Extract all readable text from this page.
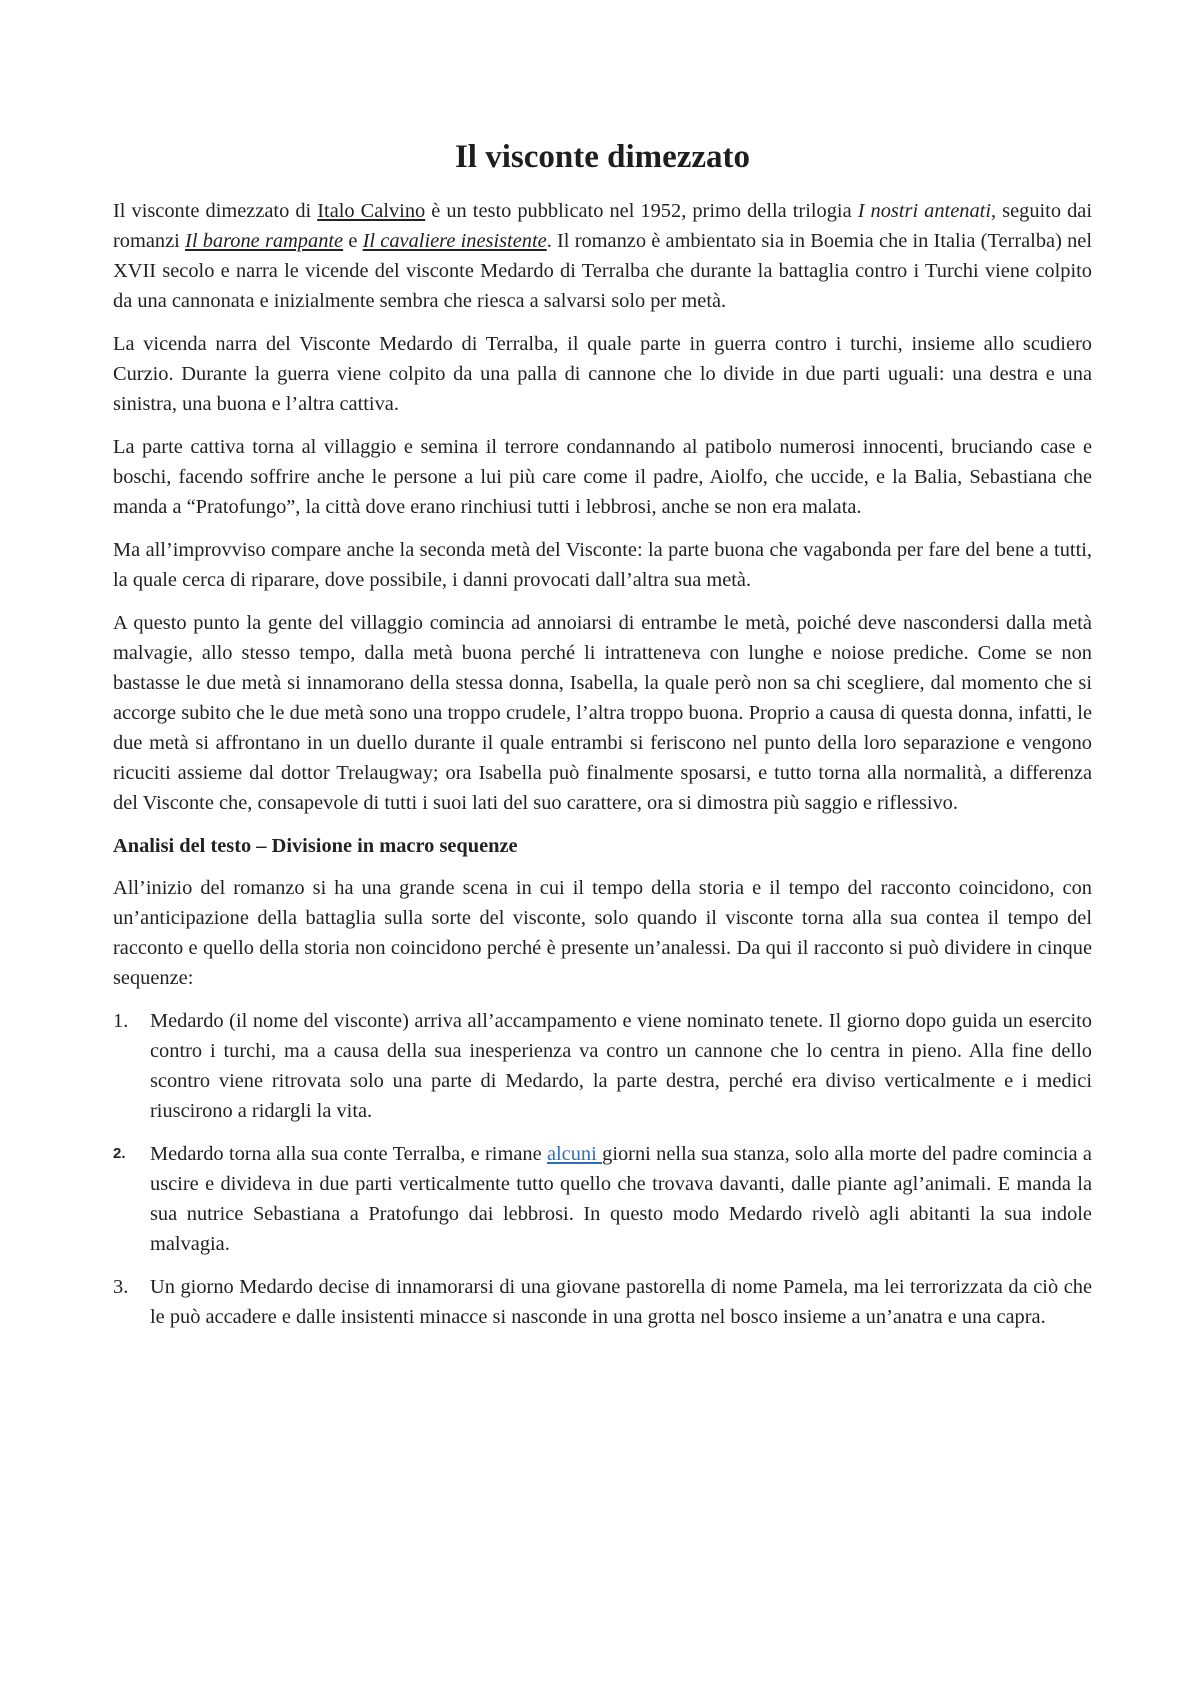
Il visconte dimezzato

Il visconte dimezzato di Italo Calvino è un testo pubblicato nel 1952, primo della trilogia I nostri antenati, seguito dai romanzi Il barone rampante e Il cavaliere inesistente. Il romanzo è ambientato sia in Boemia che in Italia (Terralba) nel XVII secolo e narra le vicende del visconte Medardo di Terralba che durante la battaglia contro i Turchi viene colpito da una cannonata e inizialmente sembra che riesca a salvarsi solo per metà.

La vicenda narra del Visconte Medardo di Terralba, il quale parte in guerra contro i turchi, insieme allo scudiero Curzio. Durante la guerra viene colpito da una palla di cannone che lo divide in due parti uguali: una destra e una sinistra, una buona e l’altra cattiva.

La parte cattiva torna al villaggio e semina il terrore condannando al patibolo numerosi innocenti, bruciando case e boschi, facendo soffrire anche le persone a lui più care come il padre, Aiolfo, che uccide, e la Balia, Sebastiana che manda a “Pratofungo”, la città dove erano rinchiusi tutti i lebbrosi, anche se non era malata.

Ma all’improvviso compare anche la seconda metà del Visconte: la parte buona che vagabonda per fare del bene a tutti, la quale cerca di riparare, dove possibile, i danni provocati dall’altra sua metà.

A questo punto la gente del villaggio comincia ad annoiarsi di entrambe le metà, poiché deve nascondersi dalla metà malvagie, allo stesso tempo, dalla metà buona perché li intratteneva con lunghe e noiose prediche. Come se non bastasse le due metà si innamorano della stessa donna, Isabella, la quale però non sa chi scegliere, dal momento che si accorge subito che le due metà sono una troppo crudele, l’altra troppo buona. Proprio a causa di questa donna, infatti, le due metà si affrontano in un duello durante il quale entrambi si feriscono nel punto della loro separazione e vengono ricuciti assieme dal dottor Trelaugway; ora Isabella può finalmente sposarsi, e tutto torna alla normalità, a differenza del Visconte che, consapevole di tutti i suoi lati del suo carattere, ora si dimostra più saggio e riflessivo.

Analisi del testo – Divisione in macro sequenze

All’inizio del romanzo si ha una grande scena in cui il tempo della storia e il tempo del racconto coincidono, con un’anticipazione della battaglia sulla sorte del visconte, solo quando il visconte torna alla sua contea il tempo del racconto e quello della storia non coincidono perché è presente un’analessi. Da qui il racconto si può dividere in cinque sequenze:

1. Medardo (il nome del visconte) arriva all’accampamento e viene nominato tenete. Il giorno dopo guida un esercito contro i turchi, ma a causa della sua inesperienza va contro un cannone che lo centra in pieno. Alla fine dello scontro viene ritrovata solo una parte di Medardo, la parte destra, perché era diviso verticalmente e i medici riuscirono a ridargli la vita.
2. Medardo torna alla sua conte Terralba, e rimane alcuni giorni nella sua stanza, solo alla morte del padre comincia a uscire e divideva in due parti verticalmente tutto quello che trovava davanti, dalle piante agl’animali. E manda la sua nutrice Sebastiana a Pratofungo dai lebbrosi. In questo modo Medardo rivelò agli abitanti la sua indole malvagia.
3. Un giorno Medardo decise di innamorarsi di una giovane pastorella di nome Pamela, ma lei terrorizzata da ciò che le può accadere e dalle insistenti minacce si nasconde in una grotta nel bosco insieme a un’anatra e una capra.
